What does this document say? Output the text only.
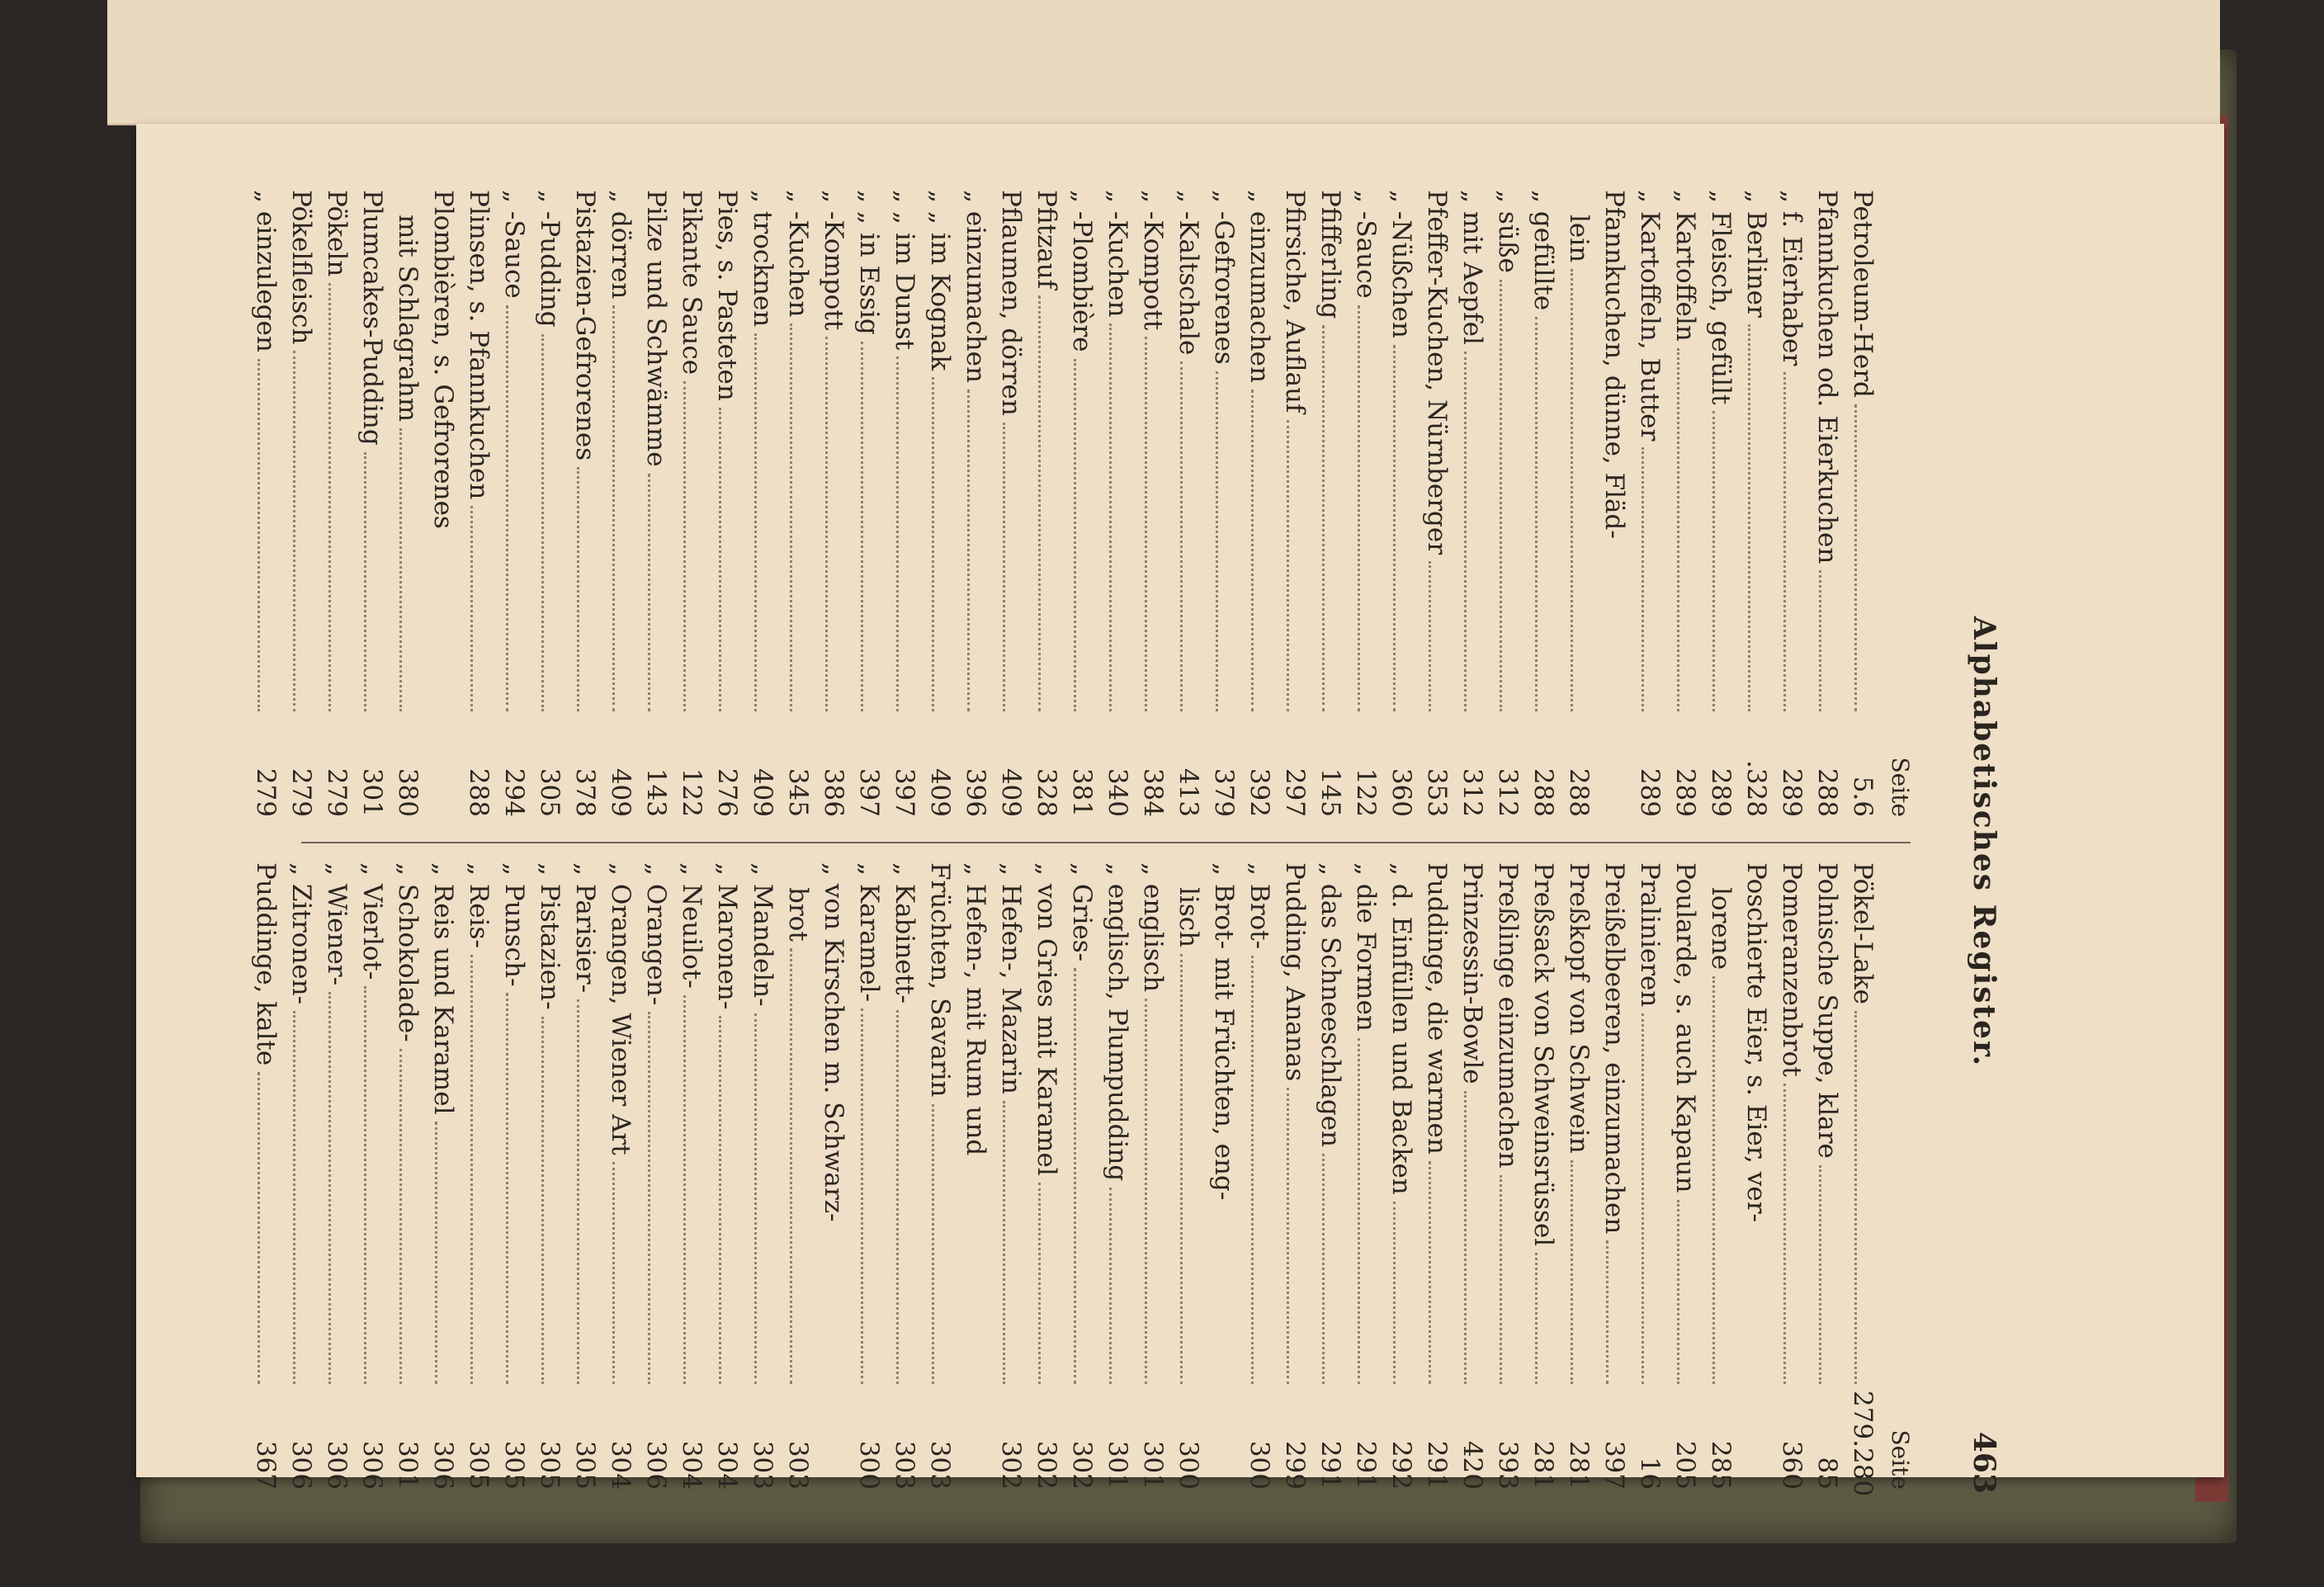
Alphabetisches Register.
463
Seite
Petroleum-Herd
5.6
Pfannkuchen od. Eierkuchen
288
„ f. Eierhaber
289
„ Berliner
.328
„ Fleisch, gefüllt
289
„ Kartoffeln
289
„ Kartoffeln, Butter
289
Pfannkuchen, dünne, Fläd-
lein
288
„ gefüllte
288
„ süße
312
„ mit Aepfel
312
Pfeffer-Kuchen, Nürnberger
353
„ -Nüßchen
360
„ -Sauce
122
Pfifferling
145
Pfirsiche, Auflauf
297
„ einzumachen
392
„ -Gefrorenes
379
„ -Kaltschale
413
„ -Kompott
384
„ -Kuchen
340
„ -Plombière
381
Pfitzauf
328
Pflaumen, dörren
409
„ einzumachen
396
„ „ im Kognak
409
„ „ im Dunst
397
„ „ in Essig
397
„ -Kompott
386
„ -Kuchen
345
„ trocknen
409
Pies, s. Pasteten
276
Pikante Sauce
122
Pilze und Schwämme
143
„ dörren
409
Pistazien-Gefrorenes
378
„ -Pudding
305
„ -Sauce
294
Plinsen, s. Pfannkuchen
288
Plombièren, s. Gefrorenes
mit Schlagrahm
380
Plumcakes-Pudding
301
Pökeln
279
Pökelfleisch
279
„ einzulegen
279
Seite
Pökel-Lake
279.280
Polnische Suppe, klare
85
Pomeranzenbrot
360
Poschierte Eier, s. Eier, ver-
lorene
285
Poularde, s. auch Kapaun
205
Pralinieren
16
Preißelbeeren, einzumachen
397
Preßkopf von Schwein
281
Preßsack von Schweinsrüssel
281
Preßlinge einzumachen
393
Prinzessin-Bowle
420
Puddinge, die warmen
291
„ d. Einfüllen und Backen
292
„ die Formen
291
„ das Schneeschlagen
291
Pudding, Ananas
299
„ Brot-
300
„ Brot- mit Früchten, eng-
lisch
300
„ englisch
301
„ englisch, Plumpudding
301
„ Gries-
302
„ von Gries mit Karamel
302
„ Hefen-, Mazarin
302
„ Hefen-, mit Rum und
Früchten, Savarin
303
„ Kabinett-
303
„ Karamel-
300
„ von Kirschen m. Schwarz-
brot
303
„ Mandeln-
303
„ Maronen-
304
„ Neuilot-
304
„ Orangen-
306
„ Orangen, Wiener Art
304
„ Parisier-
305
„ Pistazien-
305
„ Punsch-
305
„ Reis-
305
„ Reis und Karamel
306
„ Schokolade-
301
„ Vierlot-
306
„ Wiener-
306
„ Zitronen-
306
Puddinge, kalte
367
